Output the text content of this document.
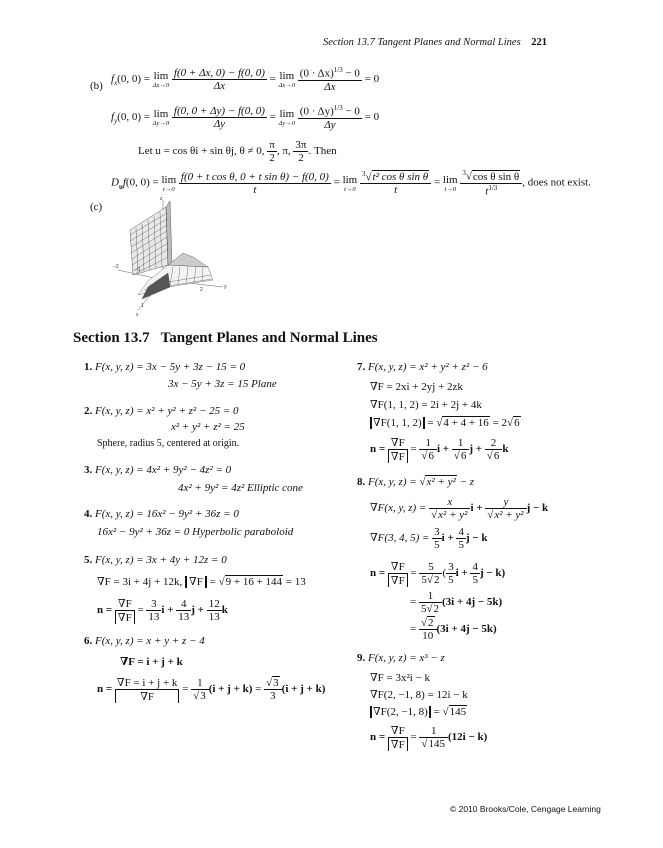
Section 13.7 Tangent Planes and Normal Lines 221
(b)
$f_x(0$, 0) = lim
Δx→0
$\frac{f(0 + \Delta x, 0) - f(0, 0)}{\Delta x} = \lim$
Δx→0
$\frac{(0 \cdot \Delta x)^{1/3} - 0}{\Delta x} = 0$
$f_y(0$, 0) = lim
Δy→0
$\frac{f(0, 0 + \Delta y) - f(0, 0)}{\Delta y} = \lim$
Δy→0
$\frac{(0 \cdot \Delta y)^{1/3} - 0}{\Delta y} = 0$
Let u = cos θi + sin θj, θ ≠ 0, $\frac{\pi}{2}$ , π, $\frac{3\pi}{2}$ . Then
$D_uf(0$, 0) = lim
t→0
$\frac{\text{f(0 + t cos θ, 0 + t sin θ) − f(0, 0)}}{t} = \lim$
t→0
$\frac{^3√t^2 \cos \theta \sin \theta}{t} = \lim$
t→0
$\frac{^3√\cos \theta \sin \theta}{t^{1/3}}$ , does not exist.
(c)
z
−2	−1
2	y
1
x
Section 13.7   Tangent Planes and Normal Lines
1. F(x, y, z) = 3x − 5y + 3z − 15 = 0
3x − 5y + 3z = 15 Plane
2. F(x, y, z) = x² + y² + z² − 25 = 0
x² + y² + z² = 25
Sphere, radius 5, centered at origin.
3. F(x, y, z) = 4x² + 9y² − 4z² = 0
4x² + 9y² = 4z² Elliptic cone
4. F(x, y, z) = 16x² − 9y² + 36z = 0
16x² − 9y² + 36z = 0 Hyperbolic paraboloid
5. F(x, y, z) = 3x + 4y + 12z = 0
∇F = 3i + 4j + 12k, ∇F = √9 + 16 + 144 = 13
$n = \frac{\nabla F}{\nabla F} = \frac{3}{13}$ $i + \frac{4}{13}$ $j + \frac{12}{13}$ k
6. F(x, y, z) = x + y + z − 4
∇F = i + j + k
$n = \frac{\nabla F = i + j + k}{\nabla F} = \frac{1}{√3} (i + j + k) = \frac{√3}{3} (i + j + k)$
7. F(x, y, z) = x² + y² + z² − 6
∇F = 2xi + 2yj + 2zk
∇F(1, 1, 2) = 2i + 2j + 4k
∇F(1, 1, 2) = √4 + 4 + 16 = 2√6
$n = \frac{\nabla F}{\nabla F} = \frac{1}{√6}$ $i + \frac{1}{√6}$ $j + \frac{2}{√6}$ k
8. F(x, y, z) = √x² + y² − z
∇F(x, y, $z) = \frac{x}{\text{√x² + y²}}$ $i + \frac{y}{\text{√x² + y²}}$ j − k
∇F(3, 4, $5) = \frac{3}{5}$ $i + \frac{4}{5}$ j − k
$n = \frac{\nabla F}{\nabla F} = \frac{5}{5√2}$ ( $\frac{3}{5}$ $i + \frac{4}{5}$ j − k)
= $\frac{1}{5√2} (3i + 4j - 5k)$
= $\frac{√2}{10} (3i + 4j - 5k)$
9. F(x, y, z) = x³ − z
∇F = 3x²i − k
∇F(2, −1, 8) = 12i − k
∇F(2, −1, 8) = √145
$n = \frac{\nabla F}{\nabla F} = \frac{1}{√145} (12i - k)$
© 2010 Brooks/Cole, Cengage Learning
